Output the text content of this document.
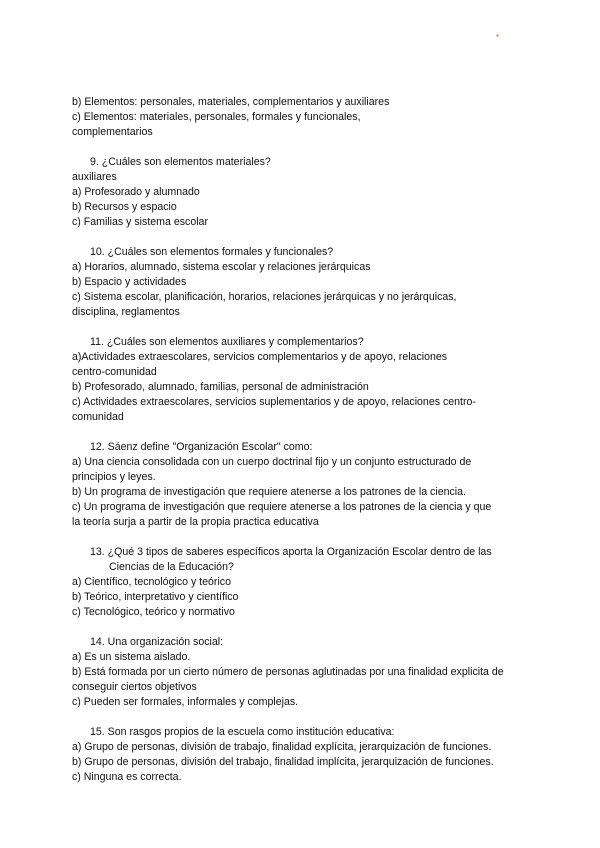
*

b) Elementos: personales, materiales, complementarios y auxiliares

c) Elementos: materiales, personales, formales y funcionales,

complementarios

9. ¿Cuáles son elementos materiales?

auxiliares

a) Profesorado y alumnado

b) Recursos y espacio

c) Familias y sistema escolar

10. ¿Cuáles son elementos formales y funcionales?

a) Horarios, alumnado, sistema escolar y relaciones jerárquicas

b) Espacio y actividades

c) Sistema escolar, planificación, horarios, relaciones jerárquicas y no jerárquicas,

disciplina, reglamentos

11. ¿Cuáles son elementos auxiliares y complementarios?

a)Actividades extraescolares, servicios complementarios y de apoyo, relaciones

centro-comunidad

b) Profesorado, alumnado, familias, personal de administración

c) Actividades extraescolares, servicios suplementarios y de apoyo, relaciones centro-

comunidad

12. Sáenz define "Organización Escolar" como:

a) Una ciencia consolidada con un cuerpo doctrinal fijo y un conjunto estructurado de

principios y leyes.

b) Un programa de investigación que requiere atenerse a los patrones de la ciencia.

c) Un programa de investigación que requiere atenerse a los patrones de la ciencia y que

la teoría surja a partir de la propia practica educativa

13. ¿Qué 3 tipos de saberes específicos aporta la Organización Escolar dentro de las

Ciencias de la Educación?

a) Científico, tecnológico y teórico

b) Teórico, interpretativo y científico

c) Tecnológico, teórico y normativo

14. Una organización social:

a) Es un sistema aislado.

b) Está formada por un cierto número de personas aglutinadas por una finalidad explicita de

conseguir ciertos objetivos

c) Pueden ser formales, informales y complejas.

15. Son rasgos propios de la escuela como institución educativa:

a) Grupo de personas, división de trabajo, finalidad explícita, jerarquización de funciones.

b) Grupo de personas, división del trabajo, finalidad implícita, jerarquización de funciones.

c) Ninguna es correcta.
